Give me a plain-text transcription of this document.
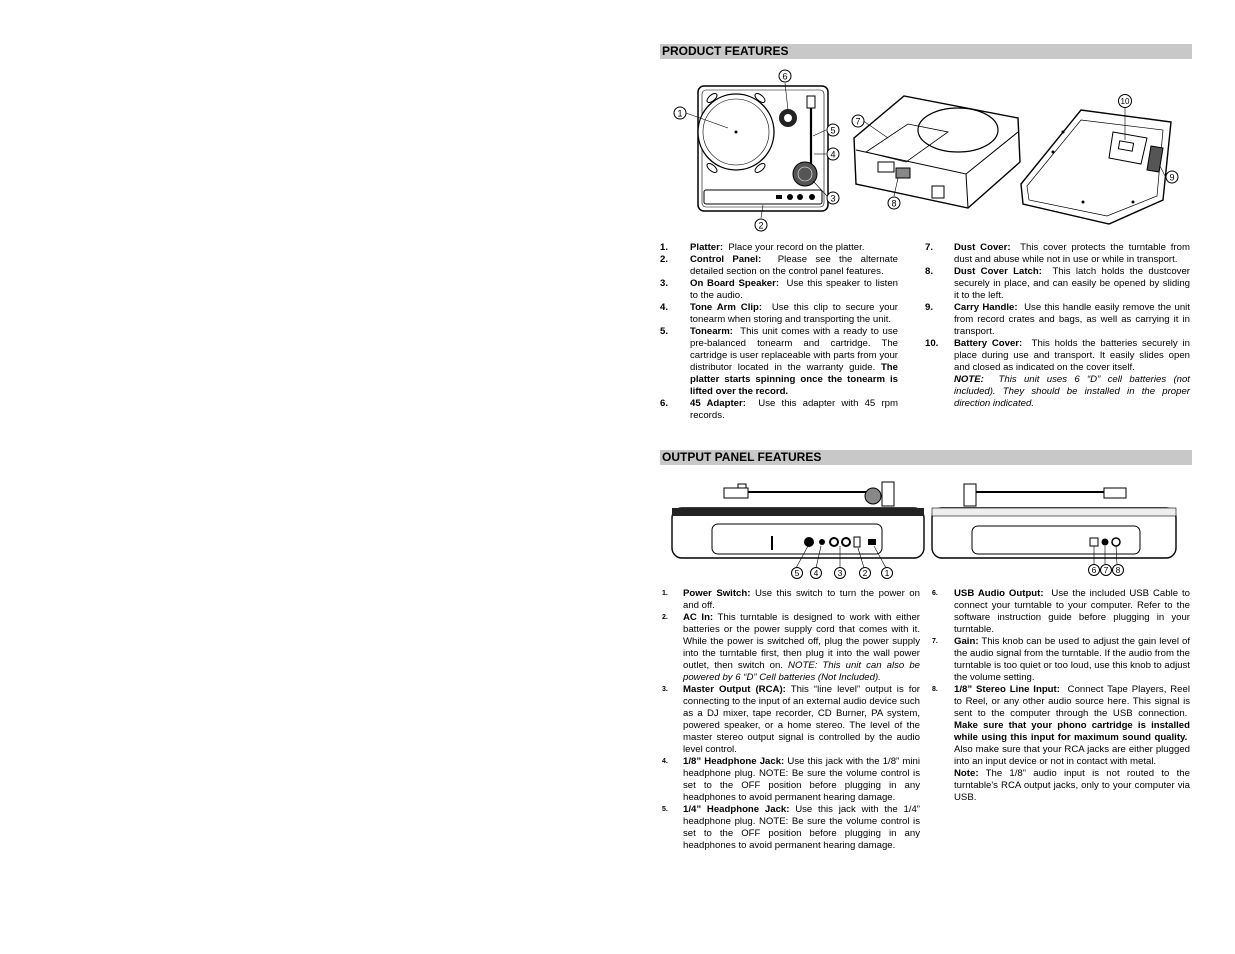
PRODUCT FEATURES
1
6
5
4
3
2
7
8
10
9
1. Platter: Place your record on the platter.
2. Control Panel: Please see the alternate detailed section on the control panel features.
3. On Board Speaker: Use this speaker to listen to the audio.
4. Tone Arm Clip: Use this clip to secure your tonearm when storing and transporting the unit.
5. Tonearm: This unit comes with a ready to use pre-balanced tonearm and cartridge. The cartridge is user replaceable with parts from your distributor located in the warranty guide. The platter starts spinning once the tonearm is lifted over the record.
6. 45 Adapter: Use this adapter with 45 rpm records.
7. Dust Cover: This cover protects the turntable from dust and abuse while not in use or while in transport.
8. Dust Cover Latch: This latch holds the dustcover securely in place, and can easily be opened by sliding it to the left.
9. Carry Handle: Use this handle easily remove the unit from record crates and bags, as well as carrying it in transport.
10. Battery Cover: This holds the batteries securely in place during use and transport. It easily slides open and closed as indicated on the cover itself.
NOTE: This unit uses 6 “D” cell batteries (not included). They should be installed in the proper direction indicated.
OUTPUT PANEL FEATURES
5 4 3 2 1	6 7 8
1. Power Switch: Use this switch to turn the power on and off.
2. AC In: This turntable is designed to work with either batteries or the power supply cord that comes with it. While the power is switched off, plug the power supply into the turntable first, then plug it into the wall power outlet, then switch on. NOTE: This unit can also be powered by 6 “D” Cell batteries (Not Included).
3. Master Output (RCA): This “line level” output is for connecting to the input of an external audio device such as a DJ mixer, tape recorder, CD Burner, PA system, powered speaker, or a home stereo. The level of the master stereo output signal is controlled by the audio level control.
4. 1/8” Headphone Jack: Use this jack with the 1/8” mini headphone plug. NOTE: Be sure the volume control is set to the OFF position before plugging in any headphones to avoid permanent hearing damage.
5. 1/4” Headphone Jack: Use this jack with the 1/4” headphone plug. NOTE: Be sure the volume control is set to the OFF position before plugging in any headphones to avoid permanent hearing damage.
6. USB Audio Output: Use the included USB Cable to connect your turntable to your computer. Refer to the software instruction guide before plugging in your turntable.
7. Gain: This knob can be used to adjust the gain level of the audio signal from the turntable. If the audio from the turntable is too quiet or too loud, use this knob to adjust the volume setting.
8. 1/8” Stereo Line Input: Connect Tape Players, Reel to Reel, or any other audio source here. This signal is sent to the computer through the USB connection.  Make sure that your phono cartridge is installed while using this input for maximum sound quality.  Also make sure that your RCA jacks are either plugged into an input device or not in contact with metal.
Note: The 1/8” audio input is not routed to the turntable's RCA output jacks, only to your computer via USB.
